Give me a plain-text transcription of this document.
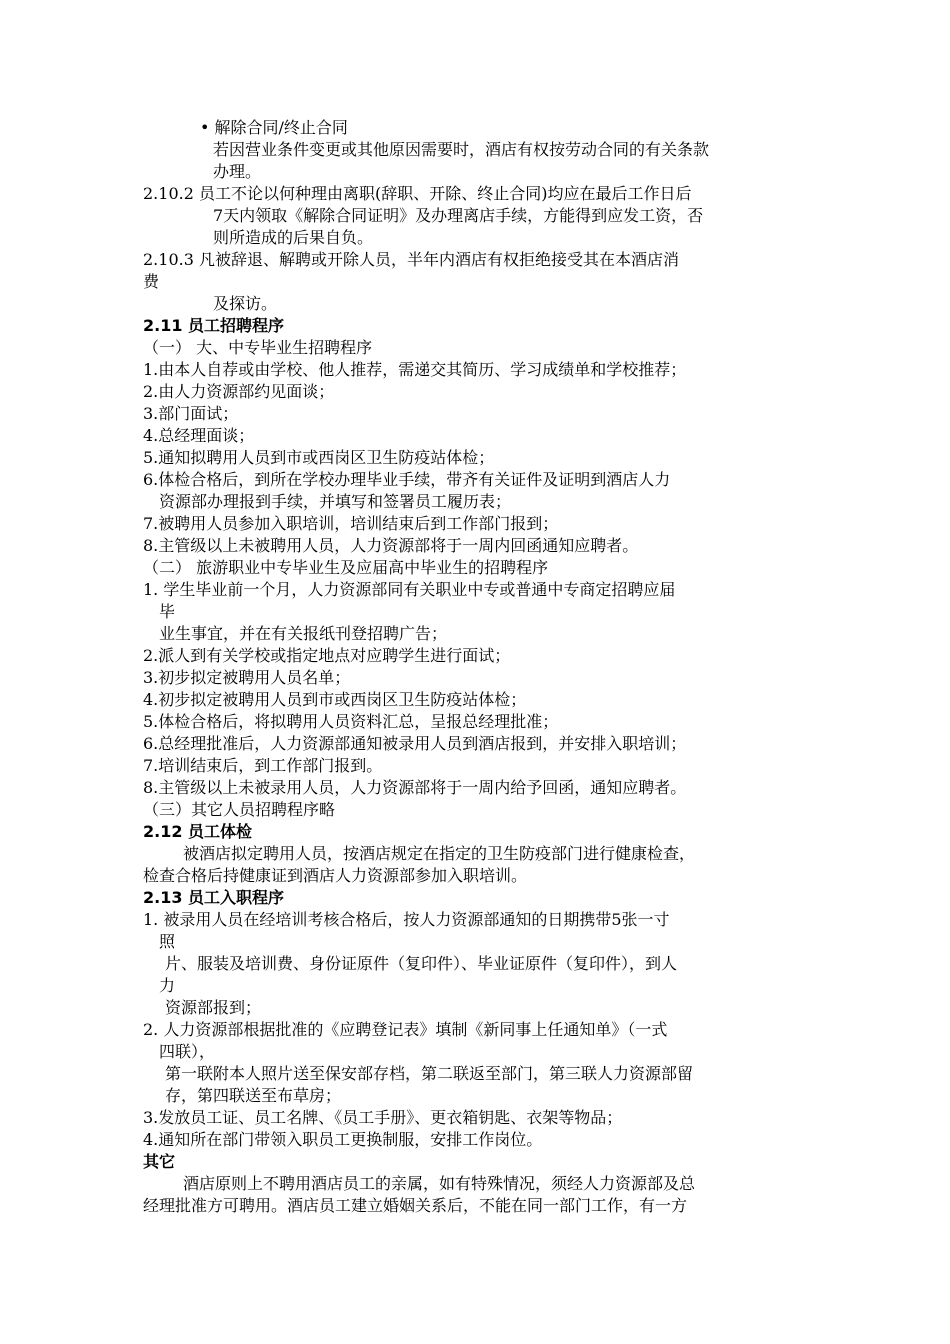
• 解除合同/终止合同
若因营业条件变更或其他原因需要时，酒店有权按劳动合同的有关条款
办理。
2.10.2 员工不论以何种理由离职(辞职、开除、终止合同)均应在最后工作日后
7天内领取《解除合同证明》及办理离店手续，方能得到应发工资，否
则所造成的后果自负。
2.10.3 凡被辞退、解聘或开除人员，半年内酒店有权拒绝接受其在本酒店消
费
及探访。
2.11 员工招聘程序
（一） 大、中专毕业生招聘程序
1.由本人自荐或由学校、他人推荐，需递交其简历、学习成绩单和学校推荐；
2.由人力资源部约见面谈；
3.部门面试；
4.总经理面谈；
5.通知拟聘用人员到市或西岗区卫生防疫站体检；
6.体检合格后，到所在学校办理毕业手续，带齐有关证件及证明到酒店人力
资源部办理报到手续，并填写和签署员工履历表；
7.被聘用人员参加入职培训，培训结束后到工作部门报到；
8.主管级以上未被聘用人员，人力资源部将于一周内回函通知应聘者。
（二） 旅游职业中专毕业生及应届高中毕业生的招聘程序
1. 学生毕业前一个月，人力资源部同有关职业中专或普通中专商定招聘应届
毕
业生事宜，并在有关报纸刊登招聘广告；
2.派人到有关学校或指定地点对应聘学生进行面试；
3.初步拟定被聘用人员名单；
4.初步拟定被聘用人员到市或西岗区卫生防疫站体检；
5.体检合格后，将拟聘用人员资料汇总，呈报总经理批准；
6.总经理批准后，人力资源部通知被录用人员到酒店报到，并安排入职培训；
7.培训结束后，到工作部门报到。
8.主管级以上未被录用人员，人力资源部将于一周内给予回函，通知应聘者。
（三）其它人员招聘程序略
2.12 员工体检
被酒店拟定聘用人员，按酒店规定在指定的卫生防疫部门进行健康检查，
检查合格后持健康证到酒店人力资源部参加入职培训。
2.13 员工入职程序
1. 被录用人员在经培训考核合格后，按人力资源部通知的日期携带5张一寸
照
片、服装及培训费、身份证原件（复印件）、毕业证原件（复印件），到人
力
资源部报到；
2. 人力资源部根据批准的《应聘登记表》填制《新同事上任通知单》（一式
四联），
第一联附本人照片送至保安部存档，第二联返至部门，第三联人力资源部留
存，第四联送至布草房；
3.发放员工证、员工名牌、《员工手册》、更衣箱钥匙、衣架等物品；
4.通知所在部门带领入职员工更换制服，安排工作岗位。
其它
酒店原则上不聘用酒店员工的亲属，如有特殊情况，须经人力资源部及总
经理批准方可聘用。酒店员工建立婚姻关系后，不能在同一部门工作，有一方
